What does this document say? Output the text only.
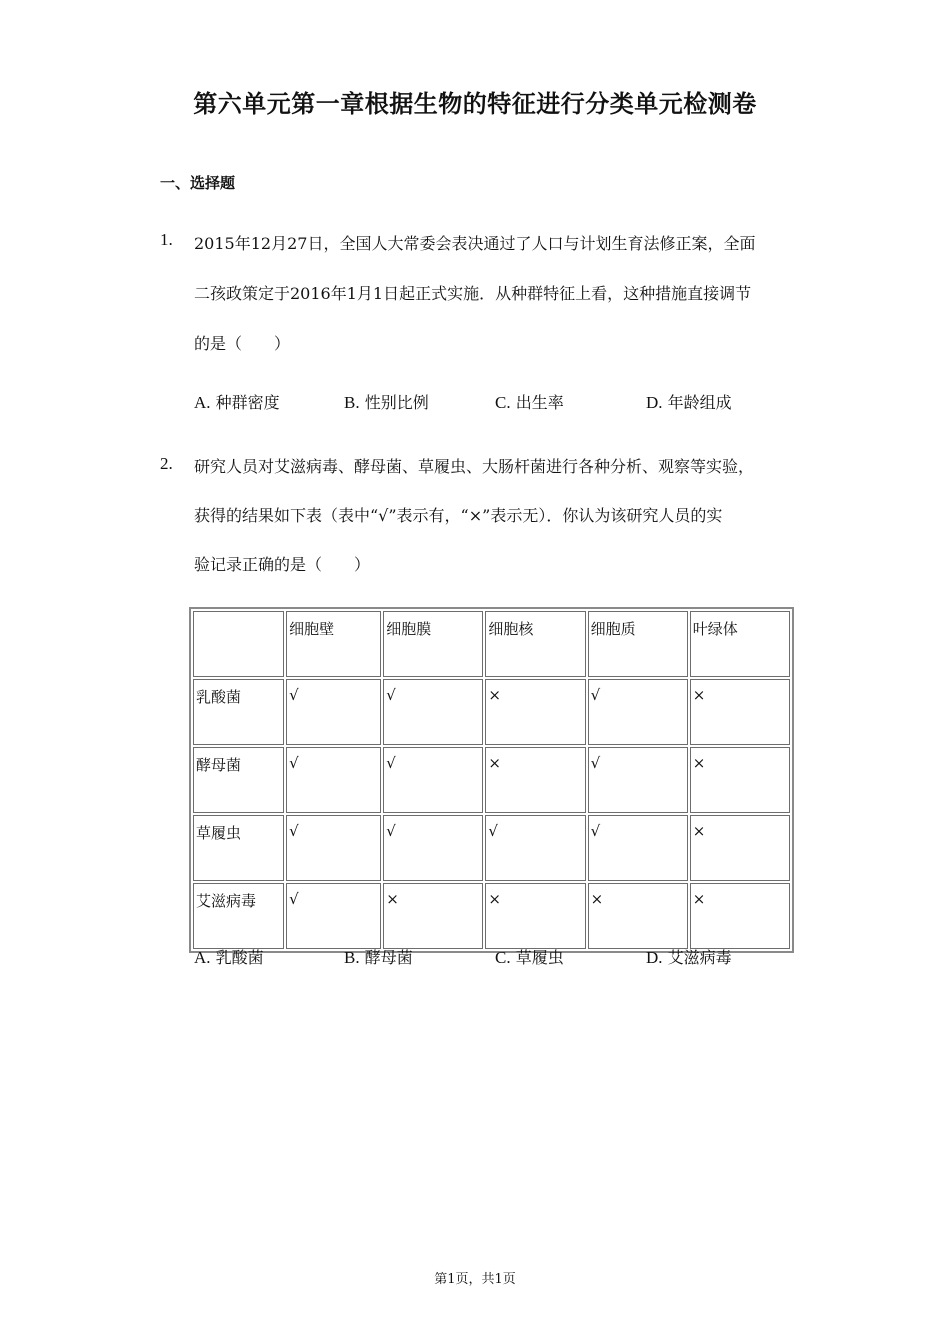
第六单元第一章根据生物的特征进行分类单元检测卷
一、选择题
1. 2015年12月27日，全国人大常委会表决通过了人口与计划生育法修正案，全面
二孩政策定于2016年1月1日起正式实施．从种群特征上看，这种措施直接调节
的是（　　）
A. 种群密度	B. 性别比例	C. 出生率	D. 年龄组成
2. 研究人员对艾滋病毒、酵母菌、草履虫、大肠杆菌进行各种分析、观察等实验，
获得的结果如下表（表中“√”表示有，“×”表示无）．你认为该研究人员的实
验记录正确的是（　　）
	细胞壁	细胞膜	细胞核	细胞质	叶绿体
乳酸菌	√	√	×	√	×
酵母菌	√	√	×	√	×
草履虫	√	√	√	√	×
艾滋病毒	√	×	×	×	×
A. 乳酸菌	B. 酵母菌	C. 草履虫	D. 艾滋病毒
第1页，共1页
